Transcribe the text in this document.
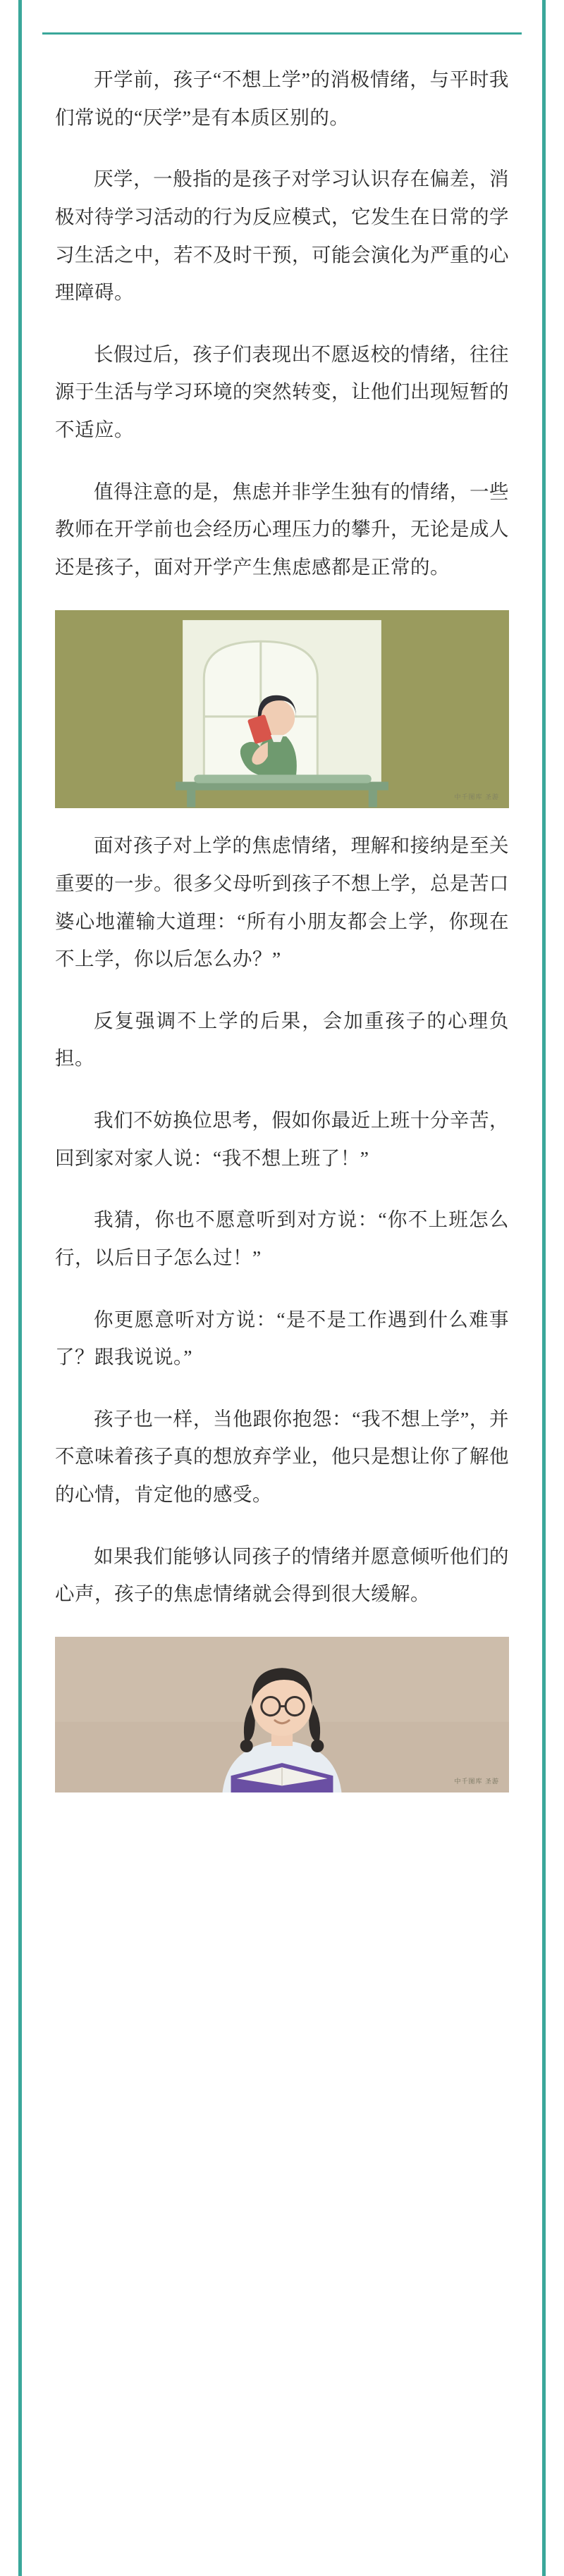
开学前，孩子“不想上学”的消极情绪，与平时我们常说的“厌学”是有本质区别的。

厌学，一般指的是孩子对学习认识存在偏差，消极对待学习活动的行为反应模式，它发生在日常的学习生活之中，若不及时干预，可能会演化为严重的心理障碍。

长假过后，孩子们表现出不愿返校的情绪，往往源于生活与学习环境的突然转变，让他们出现短暂的不适应。

值得注意的是，焦虑并非学生独有的情绪，一些教师在开学前也会经历心理压力的攀升，无论是成人还是孩子，面对开学产生焦虑感都是正常的。

中千图库 圣游

面对孩子对上学的焦虑情绪，理解和接纳是至关重要的一步。很多父母听到孩子不想上学，总是苦口婆心地灌输大道理：“所有小朋友都会上学，你现在不上学，你以后怎么办？”

反复强调不上学的后果，会加重孩子的心理负担。

我们不妨换位思考，假如你最近上班十分辛苦，回到家对家人说：“我不想上班了！”

我猜，你也不愿意听到对方说：“你不上班怎么行，以后日子怎么过！”

你更愿意听对方说：“是不是工作遇到什么难事了？跟我说说。”

孩子也一样，当他跟你抱怨：“我不想上学”，并不意味着孩子真的想放弃学业，他只是想让你了解他的心情，肯定他的感受。

如果我们能够认同孩子的情绪并愿意倾听他们的心声，孩子的焦虑情绪就会得到很大缓解。

中千图库 圣游
